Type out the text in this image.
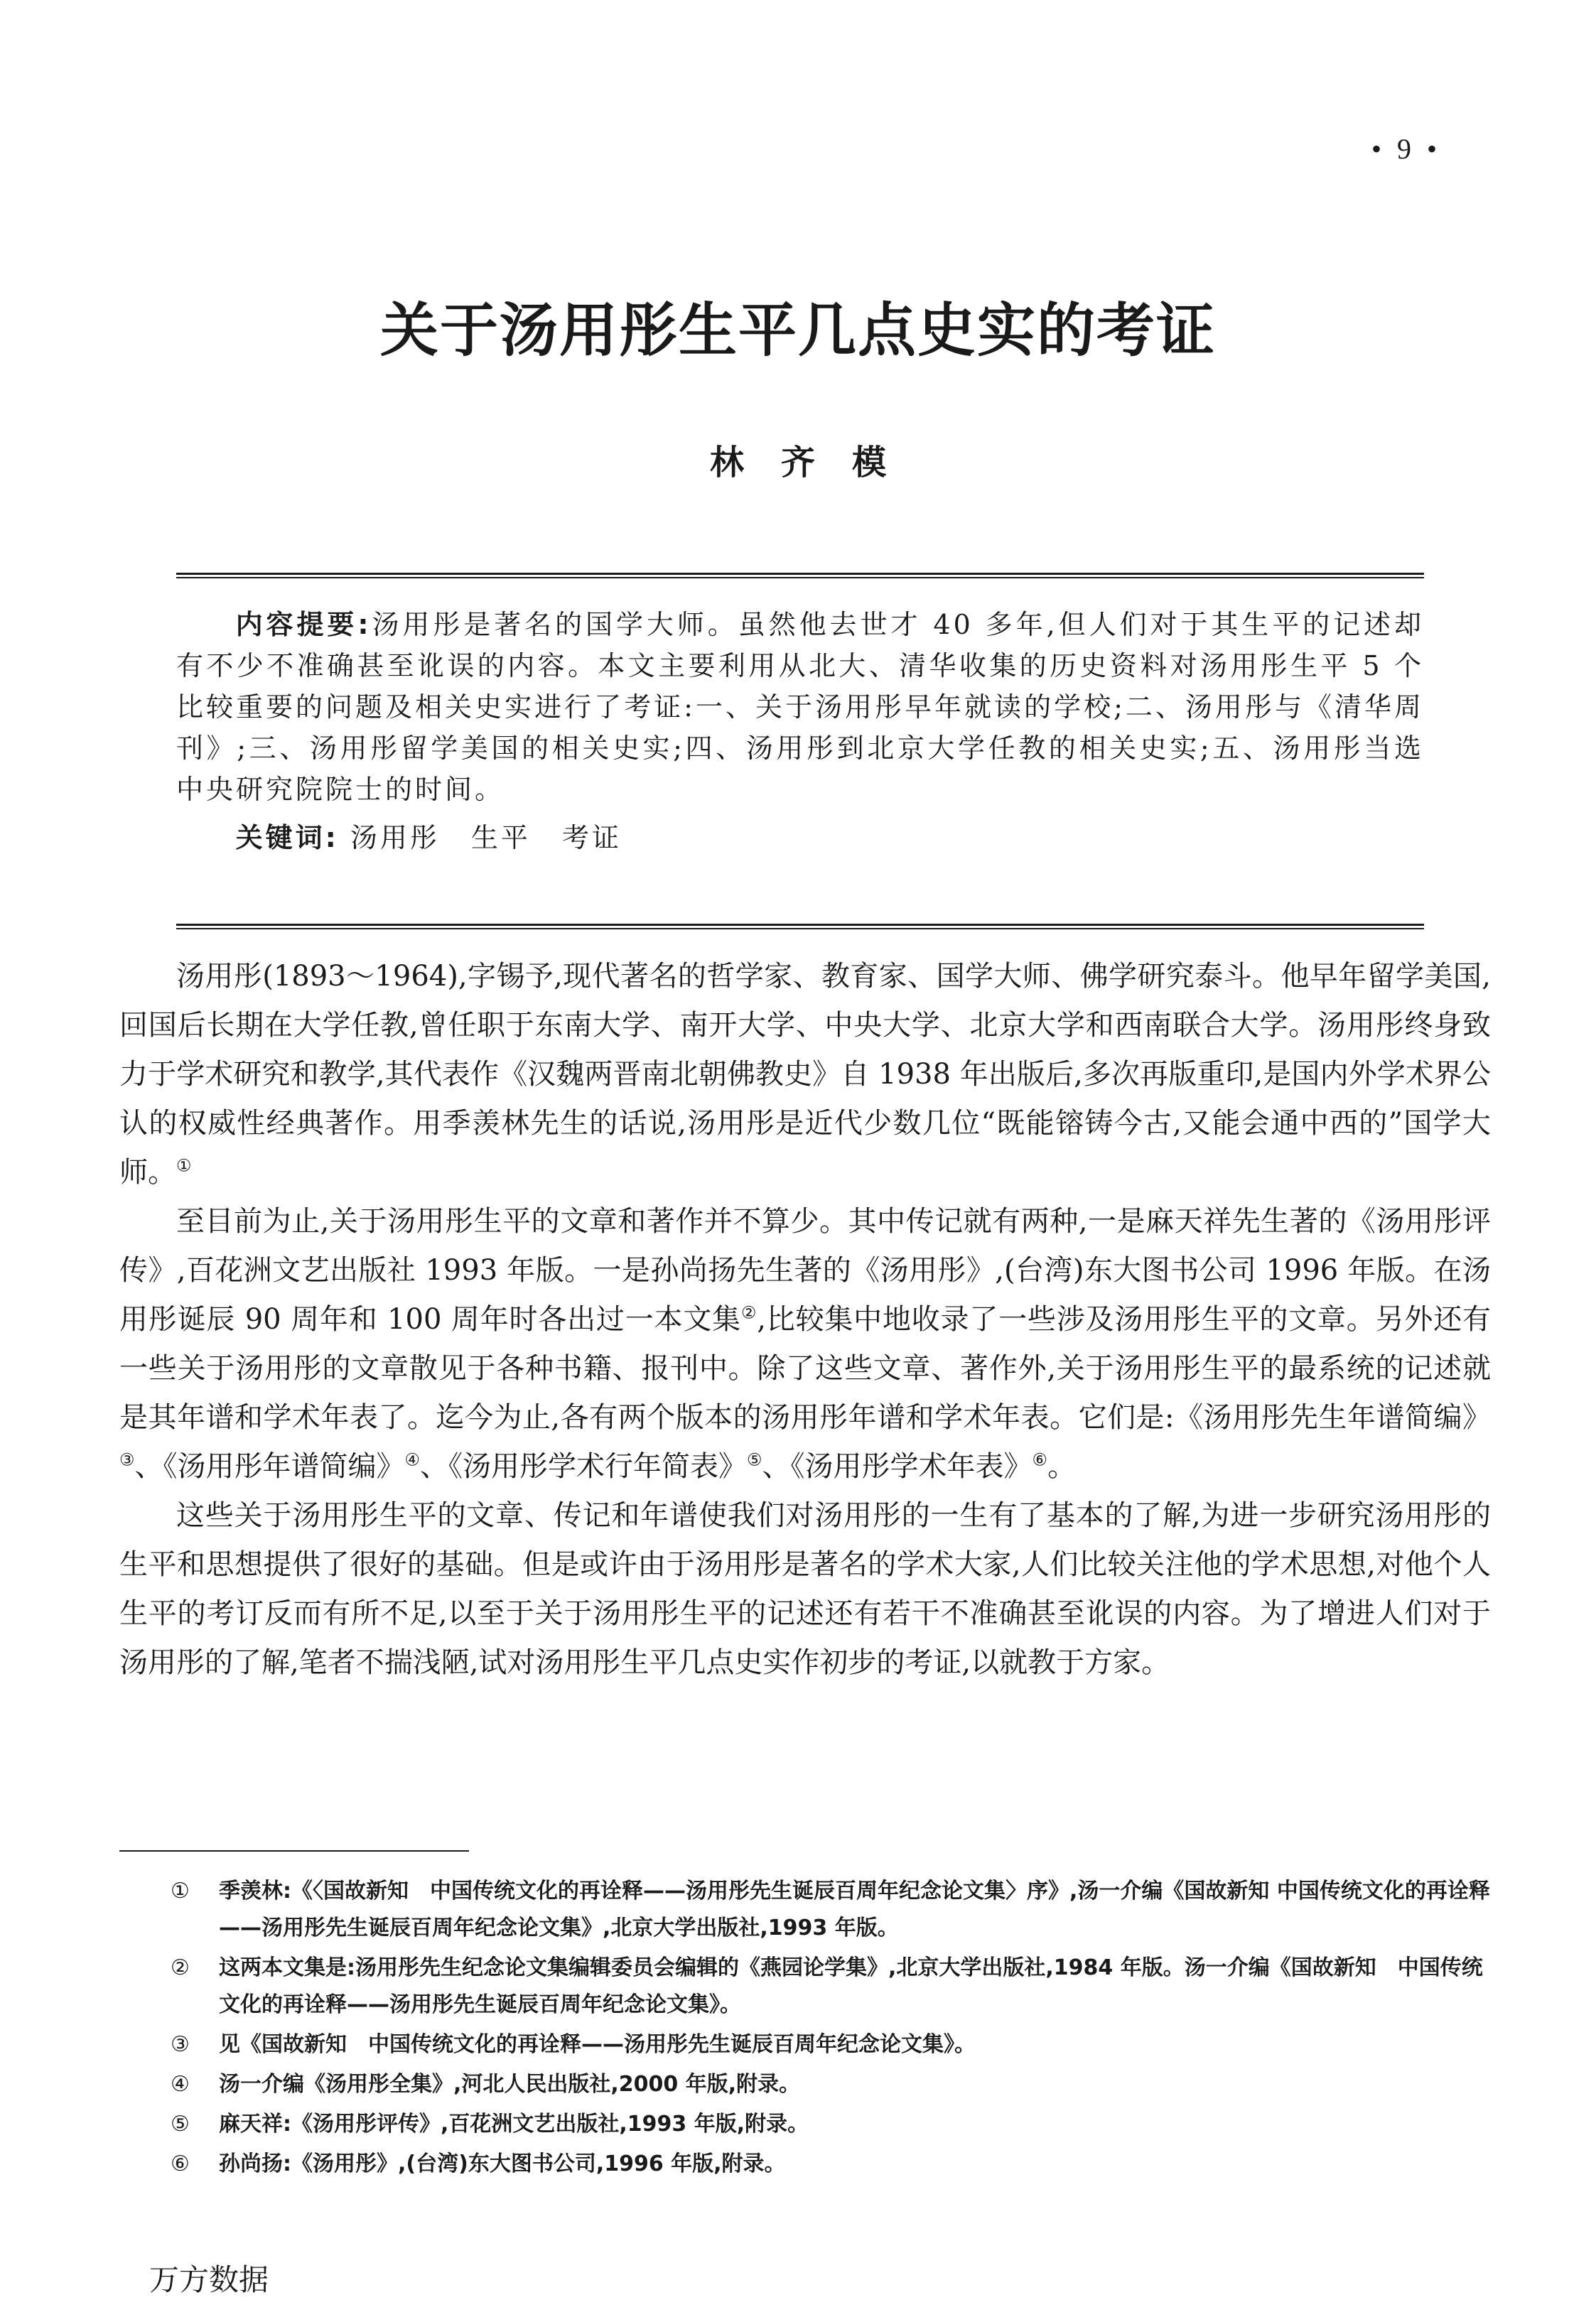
• 9 •
关于汤用彤生平几点史实的考证
林齐模

内容提要:汤用彤是著名的国学大师。虽然他去世才 40 多年,但人们对于其生平的记述却有不少不准确甚至讹误的内容。本文主要利用从北大、清华收集的历史资料对汤用彤生平 5 个比较重要的问题及相关史实进行了考证:一、关于汤用彤早年就读的学校;二、汤用彤与《清华周刊》;三、汤用彤留学美国的相关史实;四、汤用彤到北京大学任教的相关史实;五、汤用彤当选中央研究院院士的时间。

关键词: 汤用彤 生平 考证

汤用彤(1893～1964),字锡予,现代著名的哲学家、教育家、国学大师、佛学研究泰斗。他早年留学美国,回国后长期在大学任教,曾任职于东南大学、南开大学、中央大学、北京大学和西南联合大学。汤用彤终身致力于学术研究和教学,其代表作《汉魏两晋南北朝佛教史》自 1938 年出版后,多次再版重印,是国内外学术界公认的权威性经典著作。用季羡林先生的话说,汤用彤是近代少数几位“既能镕铸今古,又能会通中西的”国学大师。①

至目前为止,关于汤用彤生平的文章和著作并不算少。其中传记就有两种,一是麻天祥先生著的《汤用彤评传》,百花洲文艺出版社 1993 年版。一是孙尚扬先生著的《汤用彤》,(台湾)东大图书公司 1996 年版。在汤用彤诞辰 90 周年和 100 周年时各出过一本文集②,比较集中地收录了一些涉及汤用彤生平的文章。另外还有一些关于汤用彤的文章散见于各种书籍、报刊中。除了这些文章、著作外,关于汤用彤生平的最系统的记述就是其年谱和学术年表了。迄今为止,各有两个版本的汤用彤年谱和学术年表。它们是:《汤用彤先生年谱简编》③、《汤用彤年谱简编》④、《汤用彤学术行年简表》⑤、《汤用彤学术年表》⑥。

这些关于汤用彤生平的文章、传记和年谱使我们对汤用彤的一生有了基本的了解,为进一步研究汤用彤的生平和思想提供了很好的基础。但是或许由于汤用彤是著名的学术大家,人们比较关注他的学术思想,对他个人生平的考订反而有所不足,以至于关于汤用彤生平的记述还有若干不准确甚至讹误的内容。为了增进人们对于汤用彤的了解,笔者不揣浅陋,试对汤用彤生平几点史实作初步的考证,以就教于方家。

① 季羡林:《〈国故新知　中国传统文化的再诠释——汤用彤先生诞辰百周年纪念论文集〉序》,汤一介编《国故新知 中国传统文化的再诠释——汤用彤先生诞辰百周年纪念论文集》,北京大学出版社,1993 年版。
② 这两本文集是:汤用彤先生纪念论文集编辑委员会编辑的《燕园论学集》,北京大学出版社,1984 年版。汤一介编《国故新知　中国传统文化的再诠释——汤用彤先生诞辰百周年纪念论文集》。
③ 见《国故新知　中国传统文化的再诠释——汤用彤先生诞辰百周年纪念论文集》。
④ 汤一介编《汤用彤全集》,河北人民出版社,2000 年版,附录。
⑤ 麻天祥:《汤用彤评传》,百花洲文艺出版社,1993 年版,附录。
⑥ 孙尚扬:《汤用彤》,(台湾)东大图书公司,1996 年版,附录。
万方数据
